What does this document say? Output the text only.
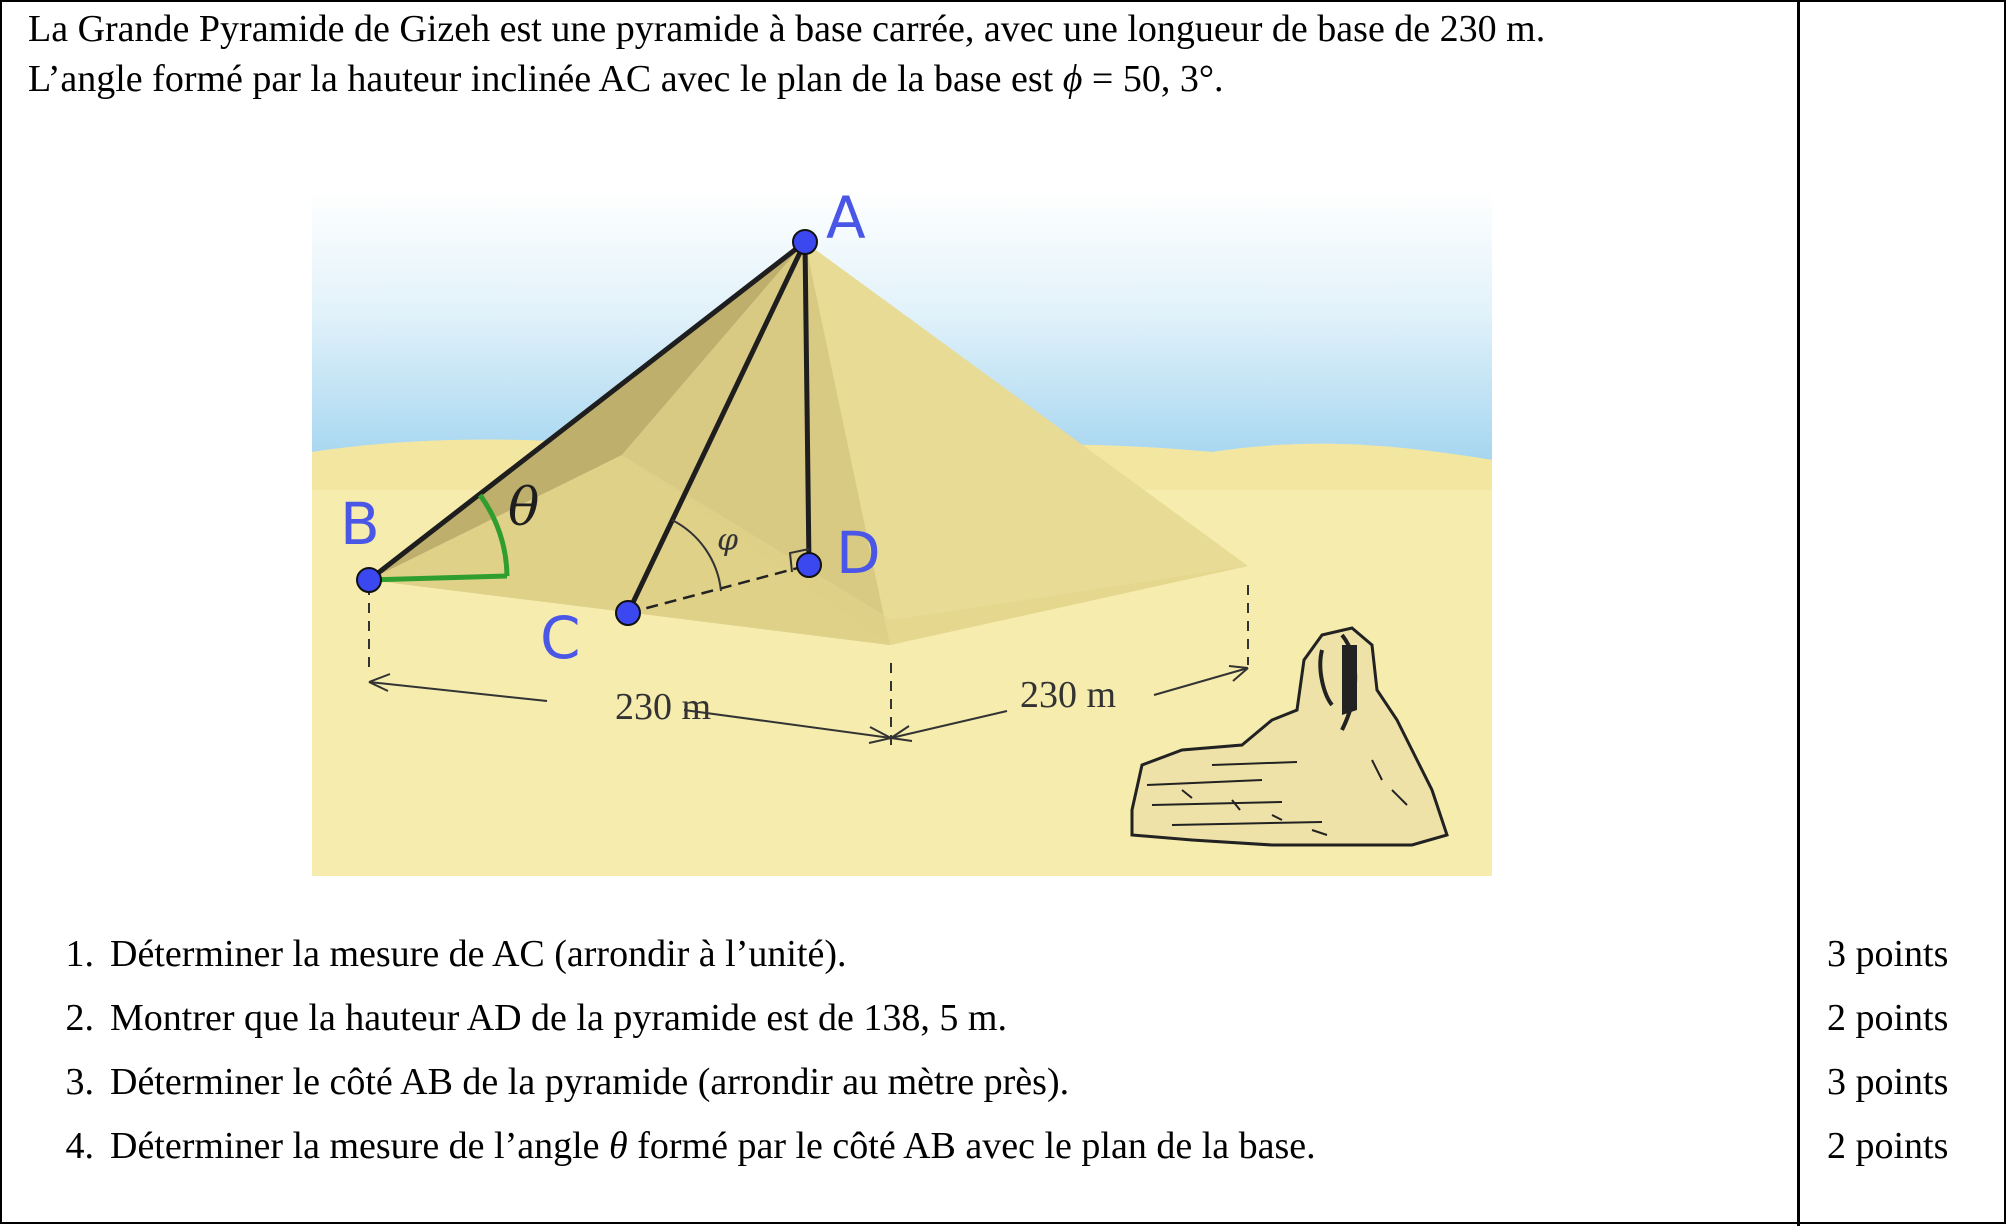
La Grande Pyramide de Gizeh est une pyramide à base carrée, avec une longueur de base de 230 m.

L’angle formé par la hauteur inclinée AC avec le plan de la base est ϕ = 50, 3°.

230 m	230 m
θ
φ
A
B
C
D
1. Déterminer la mesure de AC (arrondir à l’unité).	3 points
2. Montrer que la hauteur AD de la pyramide est de 138, 5 m.	2 points
3. Déterminer le côté AB de la pyramide (arrondir au mètre près).	3 points
4. Déterminer la mesure de l’angle θ formé par le côté AB avec le plan de la base.	2 points
